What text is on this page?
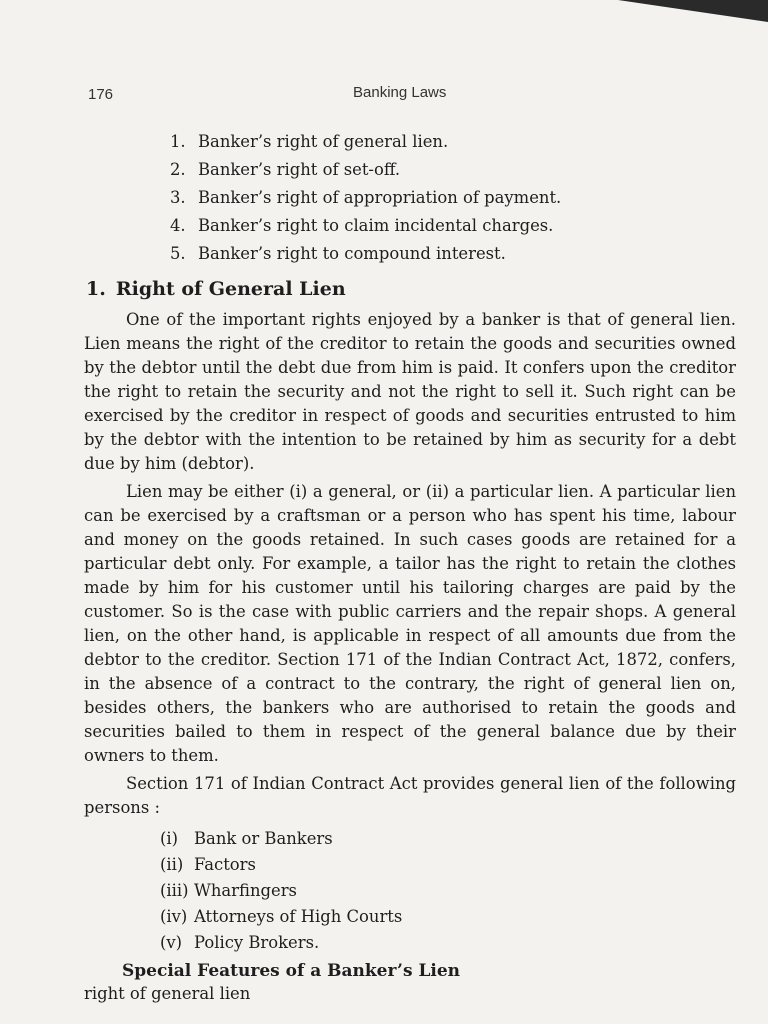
176	Banking Laws
1. Banker’s right of general lien.
2. Banker’s right of set-off.
3. Banker’s right of appropriation of payment.
4. Banker’s right to claim incidental charges.
5. Banker’s right to compound interest.
1. Right of General Lien

One of the important rights enjoyed by a banker is that of general lien. Lien means the right of the creditor to retain the goods and securities owned by the debtor until the debt due from him is paid. It confers upon the creditor the right to retain the security and not the right to sell it. Such right can be exercised by the creditor in respect of goods and securities entrusted to him by the debtor with the intention to be retained by him as security for a debt due by him (debtor).

Lien may be either (i) a general, or (ii) a particular lien. A particular lien can be exercised by a craftsman or a person who has spent his time, labour and money on the goods retained. In such cases goods are retained for a particular debt only. For example, a tailor has the right to retain the clothes made by him for his customer until his tailoring charges are paid by the customer. So is the case with public carriers and the repair shops. A general lien, on the other hand, is applicable in respect of all amounts due from the debtor to the creditor. Section 171 of the Indian Contract Act, 1872, confers, in the absence of a contract to the contrary, the right of general lien on, besides others, the bankers who are authorised to retain the goods and securities bailed to them in respect of the general balance due by their owners to them.

Section 171 of Indian Contract Act provides general lien of the following persons :

(i) Bank or Bankers
(ii) Factors
(iii) Wharfingers
(iv) Attorneys of High Courts
(v) Policy Brokers.
Special Features of a Banker’s Lien

right of general lien
